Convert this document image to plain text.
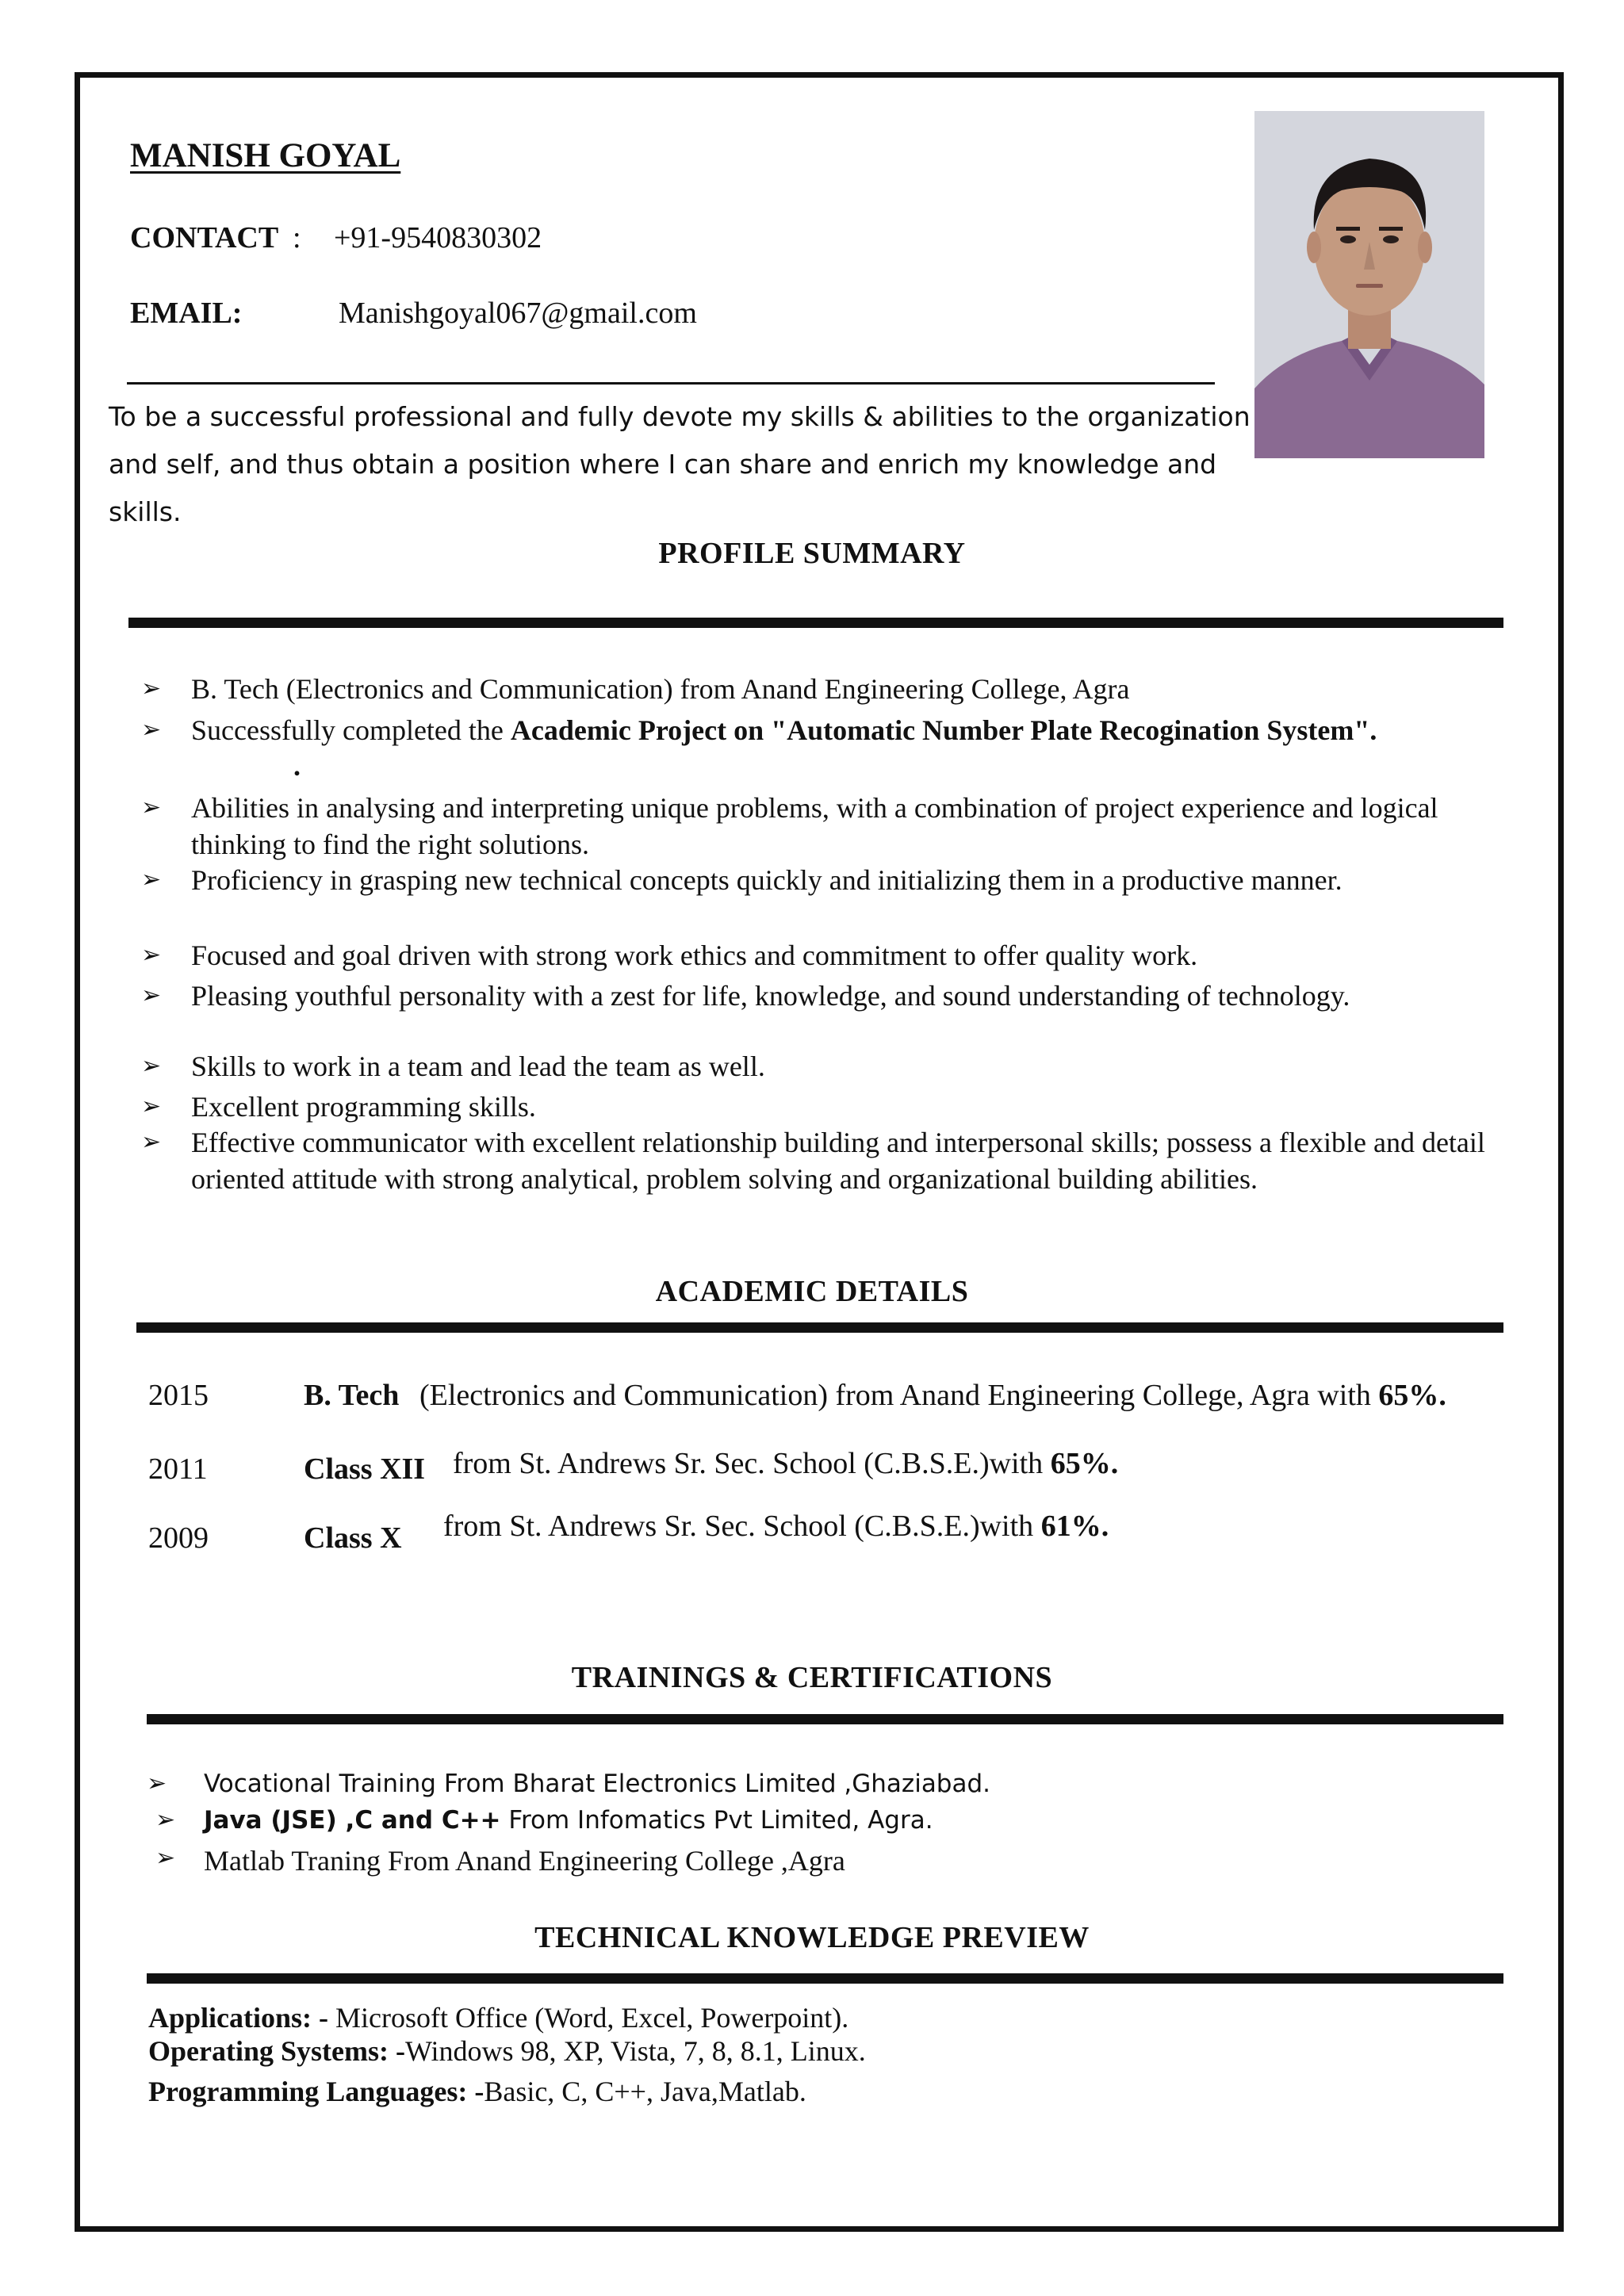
MANISH GOYAL
CONTACT : +91-9540830302
EMAIL:	Manishgoyal067@gmail.com
To be a successful professional and fully devote my skills & abilities to the organization and self, and thus obtain a position where I can share and enrich my knowledge and skills.
PROFILE SUMMARY
➢	B. Tech (Electronics and Communication) from Anand Engineering College, Agra
➢	Successfully completed the Academic Project on "Automatic Number Plate Recogination System".
.
➢	Abilities in analysing and interpreting unique problems, with a combination of project experience and logical thinking to find the right solutions.
➢	Proficiency in grasping new technical concepts quickly and initializing them in a productive manner.
➢	Focused and goal driven with strong work ethics and commitment to offer quality work.
➢	Pleasing youthful personality with a zest for life, knowledge, and sound understanding of technology.
➢	Skills to work in a team and lead the team as well.
➢	Excellent programming skills.
➢	Effective communicator with excellent relationship building and interpersonal skills; possess a flexible and detail oriented attitude with strong analytical, problem solving and organizational building abilities.
ACADEMIC DETAILS
2015	B. Tech (Electronics and Communication) from Anand Engineering College, Agra with 65%.
2011	Class XII from St. Andrews Sr. Sec. School (C.B.S.E.)with 65%.
2009	Class X from St. Andrews Sr. Sec. School (C.B.S.E.)with 61%.
TRAININGS & CERTIFICATIONS
➢ Vocational Training From Bharat Electronics Limited ,Ghaziabad.
➢ Java (JSE) ,C and C++ From Infomatics Pvt Limited, Agra.
➢ Matlab Traning From Anand Engineering College ,Agra
TECHNICAL KNOWLEDGE PREVIEW
Applications: - Microsoft Office (Word, Excel, Powerpoint).
Operating Systems: -Windows 98, XP, Vista, 7, 8, 8.1, Linux.
Programming Languages: -Basic, C, C++, Java,Matlab.
